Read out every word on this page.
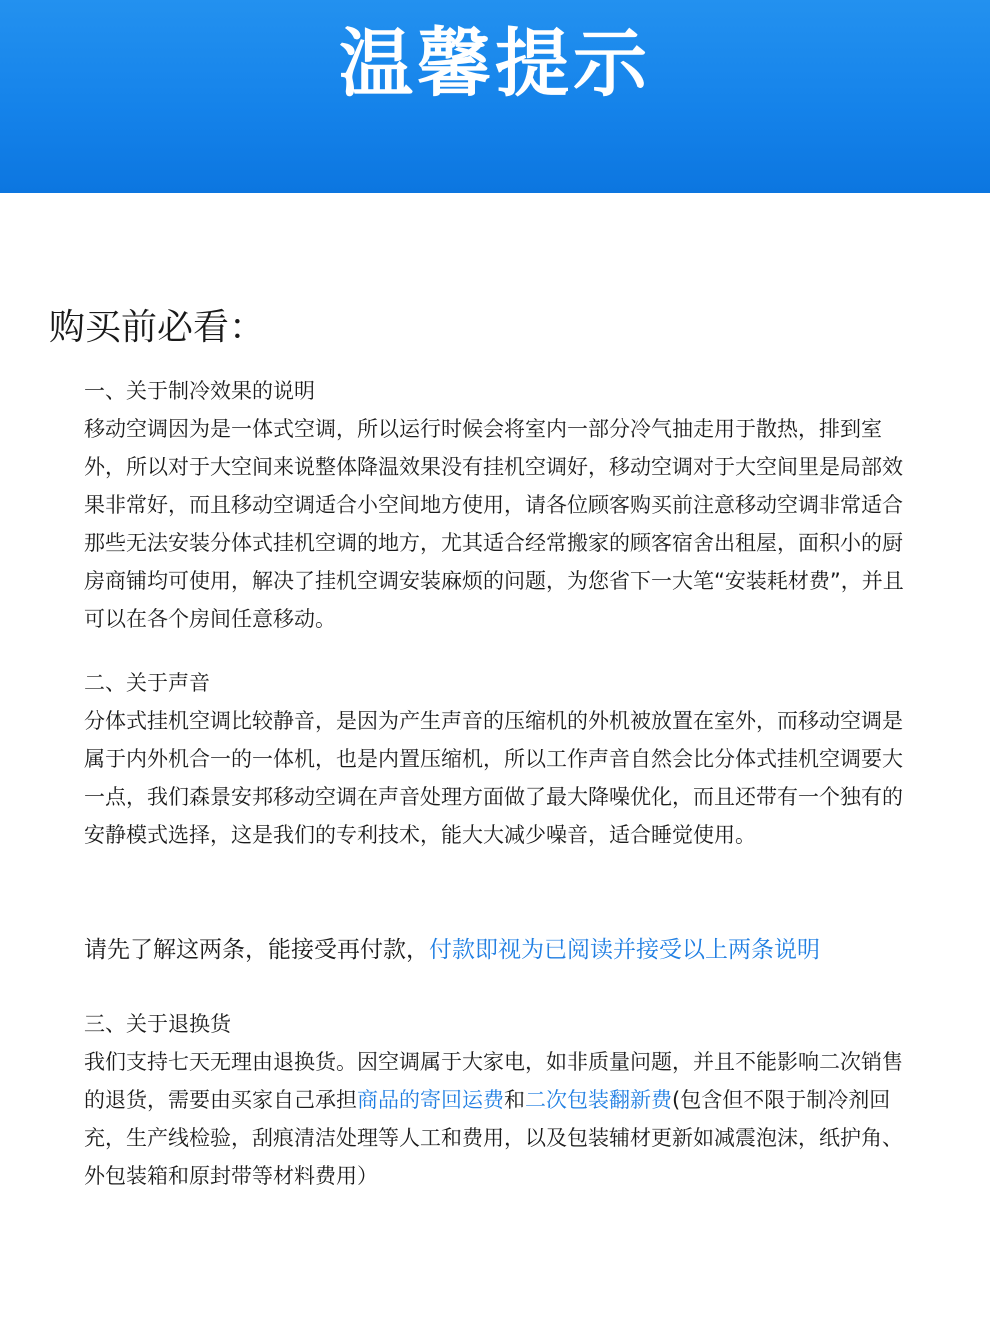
温馨提示
购买前必看：

一、关于制冷效果的说明

移动空调因为是一体式空调，所以运行时候会将室内一部分冷气抽走用于散热，排到室外，所以对于大空间来说整体降温效果没有挂机空调好，移动空调对于大空间里是局部效果非常好，而且移动空调适合小空间地方使用，请各位顾客购买前注意移动空调非常适合那些无法安装分体式挂机空调的地方，尤其适合经常搬家的顾客宿舍出租屋，面积小的厨房商铺均可使用，解决了挂机空调安装麻烦的问题，为您省下一大笔“安装耗材费”，并且可以在各个房间任意移动。

二、关于声音

分体式挂机空调比较静音，是因为产生声音的压缩机的外机被放置在室外，而移动空调是属于内外机合一的一体机，也是内置压缩机，所以工作声音自然会比分体式挂机空调要大一点，我们森景安邦移动空调在声音处理方面做了最大降噪优化，而且还带有一个独有的安静模式选择，这是我们的专利技术，能大大减少噪音，适合睡觉使用。

请先了解这两条，能接受再付款，付款即视为已阅读并接受以上两条说明

三、关于退换货

我们支持七天无理由退换货。因空调属于大家电，如非质量问题，并且不能影响二次销售的退货，需要由买家自己承担商品的寄回运费和二次包装翻新费(包含但不限于制冷剂回充，生产线检验，刮痕清洁处理等人工和费用，以及包装辅材更新如减震泡沫，纸护角、外包装箱和原封带等材料费用）
